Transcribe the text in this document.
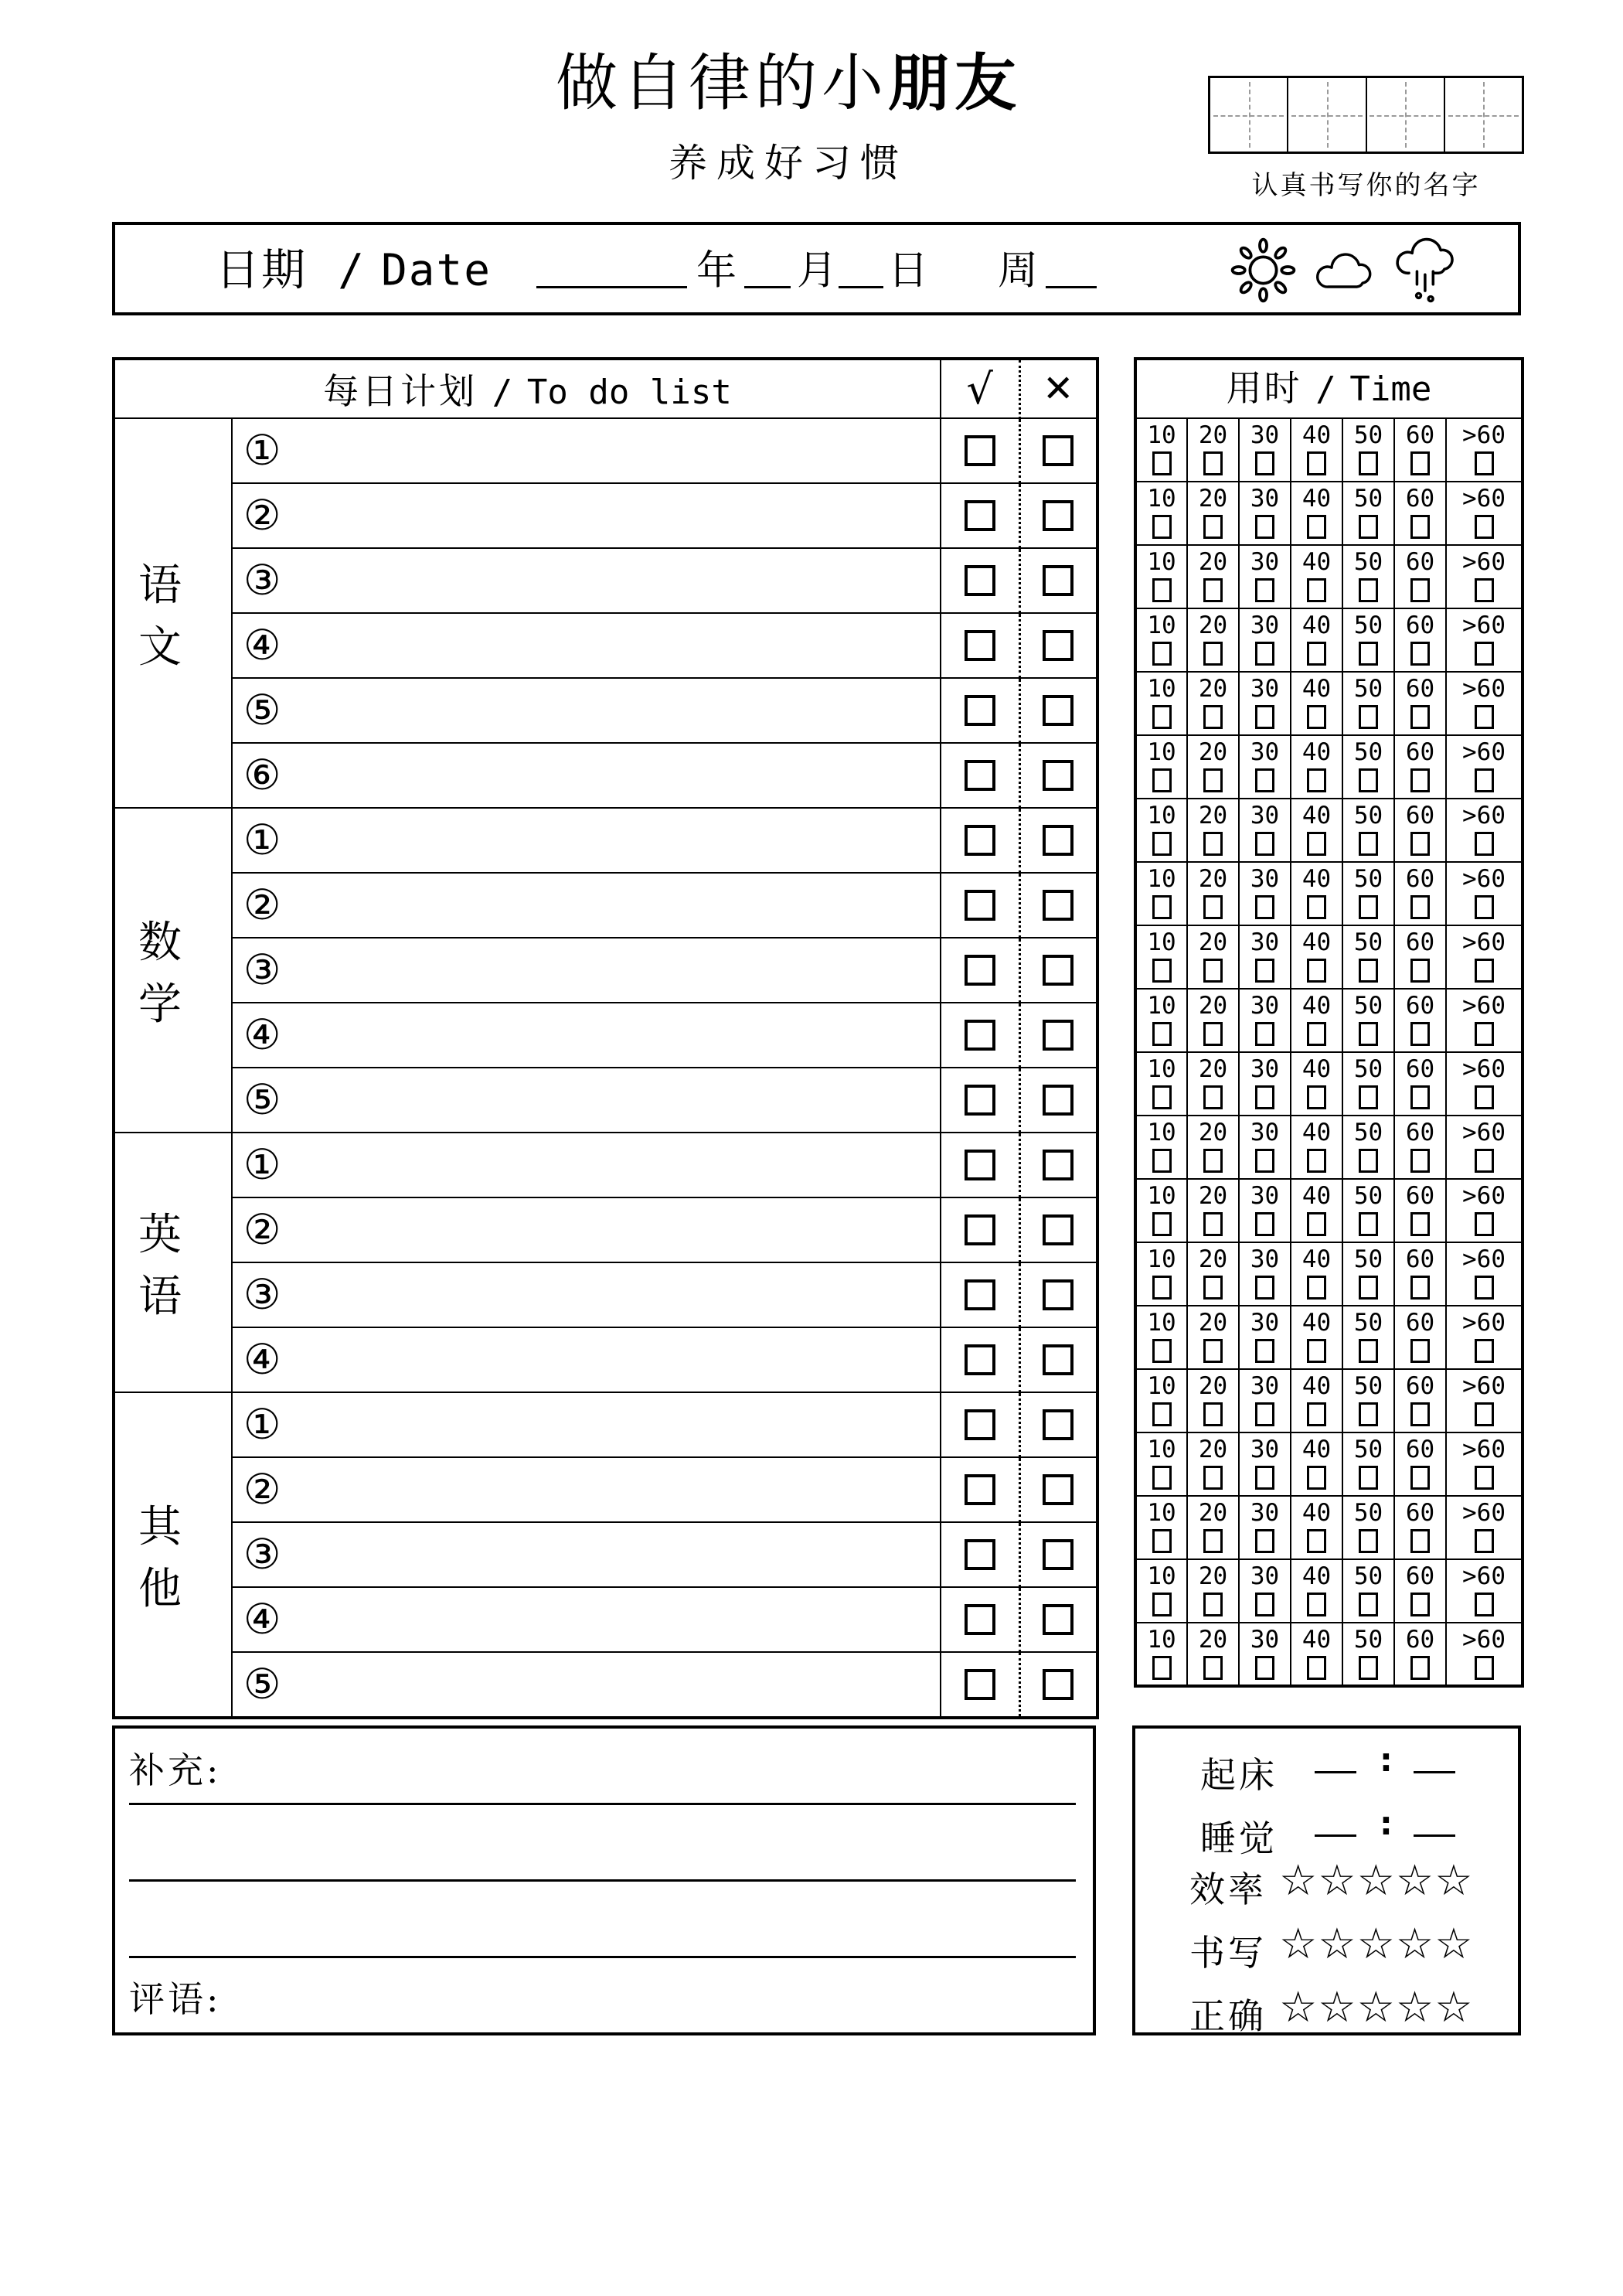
做自律的小朋友
养成好习惯	认真书写你的名字
日期 / Date	年 月 日 周
每日计划 / To do list		√	✕
语文	①		

	②		

	③		

	④		

	⑤		

	⑥		

数学	①		

	②		

	③		

	④		

	⑤		

英语	①		

	②		

	③		

	④		

其他	①		

	②		

	③		

	④		

	⑤		

用时 / Time						

10	20	30	40	50	60	>60

10	20	30	40	50	60	>60

10	20	30	40	50	60	>60

10	20	30	40	50	60	>60

10	20	30	40	50	60	>60

10	20	30	40	50	60	>60

10	20	30	40	50	60	>60

10	20	30	40	50	60	>60

10	20	30	40	50	60	>60

10	20	30	40	50	60	>60

10	20	30	40	50	60	>60

10	20	30	40	50	60	>60

10	20	30	40	50	60	>60

10	20	30	40	50	60	>60

10	20	30	40	50	60	>60

10	20	30	40	50	60	>60

10	20	30	40	50	60	>60

10	20	30	40	50	60	>60

10	20	30	40	50	60	>60

10	20	30	40	50	60	>60
补充:
评语:
起床	:
睡觉	:
效率 ☆☆☆☆☆
书写 ☆☆☆☆☆
正确 ☆☆☆☆☆
